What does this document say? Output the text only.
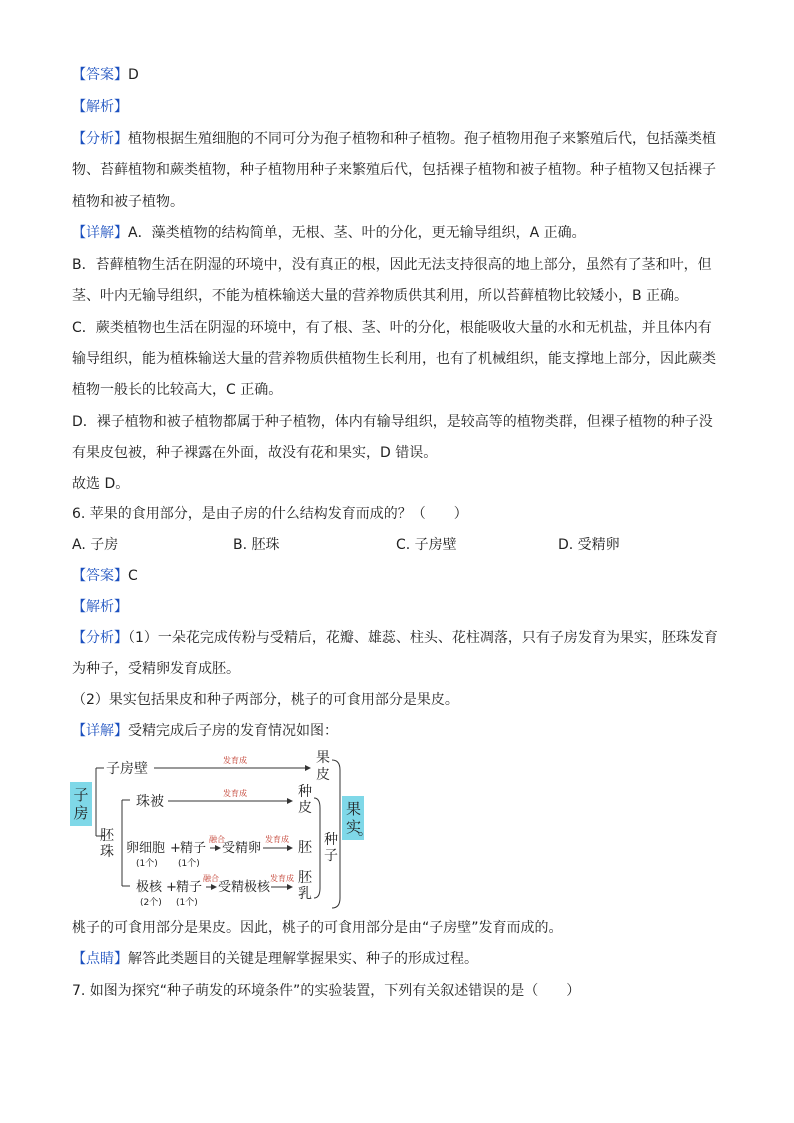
【答案】D
【解析】
【分析】植物根据生殖细胞的不同可分为孢子植物和种子植物。孢子植物用孢子来繁殖后代，包括藻类植
物、苔藓植物和蕨类植物，种子植物用种子来繁殖后代，包括裸子植物和被子植物。种子植物又包括裸子
植物和被子植物。
【详解】A．藻类植物的结构简单，无根、茎、叶的分化，更无输导组织，A 正确。
B．苔藓植物生活在阴湿的环境中，没有真正的根，因此无法支持很高的地上部分，虽然有了茎和叶，但
茎、叶内无输导组织，不能为植株输送大量的营养物质供其利用，所以苔藓植物比较矮小，B 正确。
C．蕨类植物也生活在阴湿的环境中，有了根、茎、叶的分化，根能吸收大量的水和无机盐，并且体内有
输导组织，能为植株输送大量的营养物质供植物生长利用，也有了机械组织，能支撑地上部分，因此蕨类
植物一般长的比较高大，C 正确。
D．裸子植物和被子植物都属于种子植物，体内有输导组织，是较高等的植物类群，但裸子植物的种子没
有果皮包被，种子裸露在外面，故没有花和果实，D 错误。
故选 D。
6. 苹果的食用部分，是由子房的什么结构发育而成的？（　　）
A. 子房	B. 胚珠	C. 子房壁	D. 受精卵
【答案】C
【解析】
【分析】（1）一朵花完成传粉与受精后，花瓣、雄蕊、柱头、花柱凋落，只有子房发育为果实，胚珠发育
为种子，受精卵发育成胚。
（2）果实包括果皮和种子两部分，桃子的可食用部分是果皮。
【详解】受精完成后子房的发育情况如图：
子房
子房壁
发育成	果
皮
胚
珠
珠被
发育成	种
皮
卵细胞
(1个)
+ 精子
(1个)
融合
受精卵
发育成
胚
极核
(2个)
+ 精子
(1个)
融合
受精极核
发育成 胚
乳
种
子
果
实
。
桃子的可食用部分是果皮。因此，桃子的可食用部分是由“子房壁”发育而成的。
【点睛】解答此类题目的关键是理解掌握果实、种子的形成过程。
7. 如图为探究“种子萌发的环境条件”的实验装置，下列有关叙述错误的是（　　）
